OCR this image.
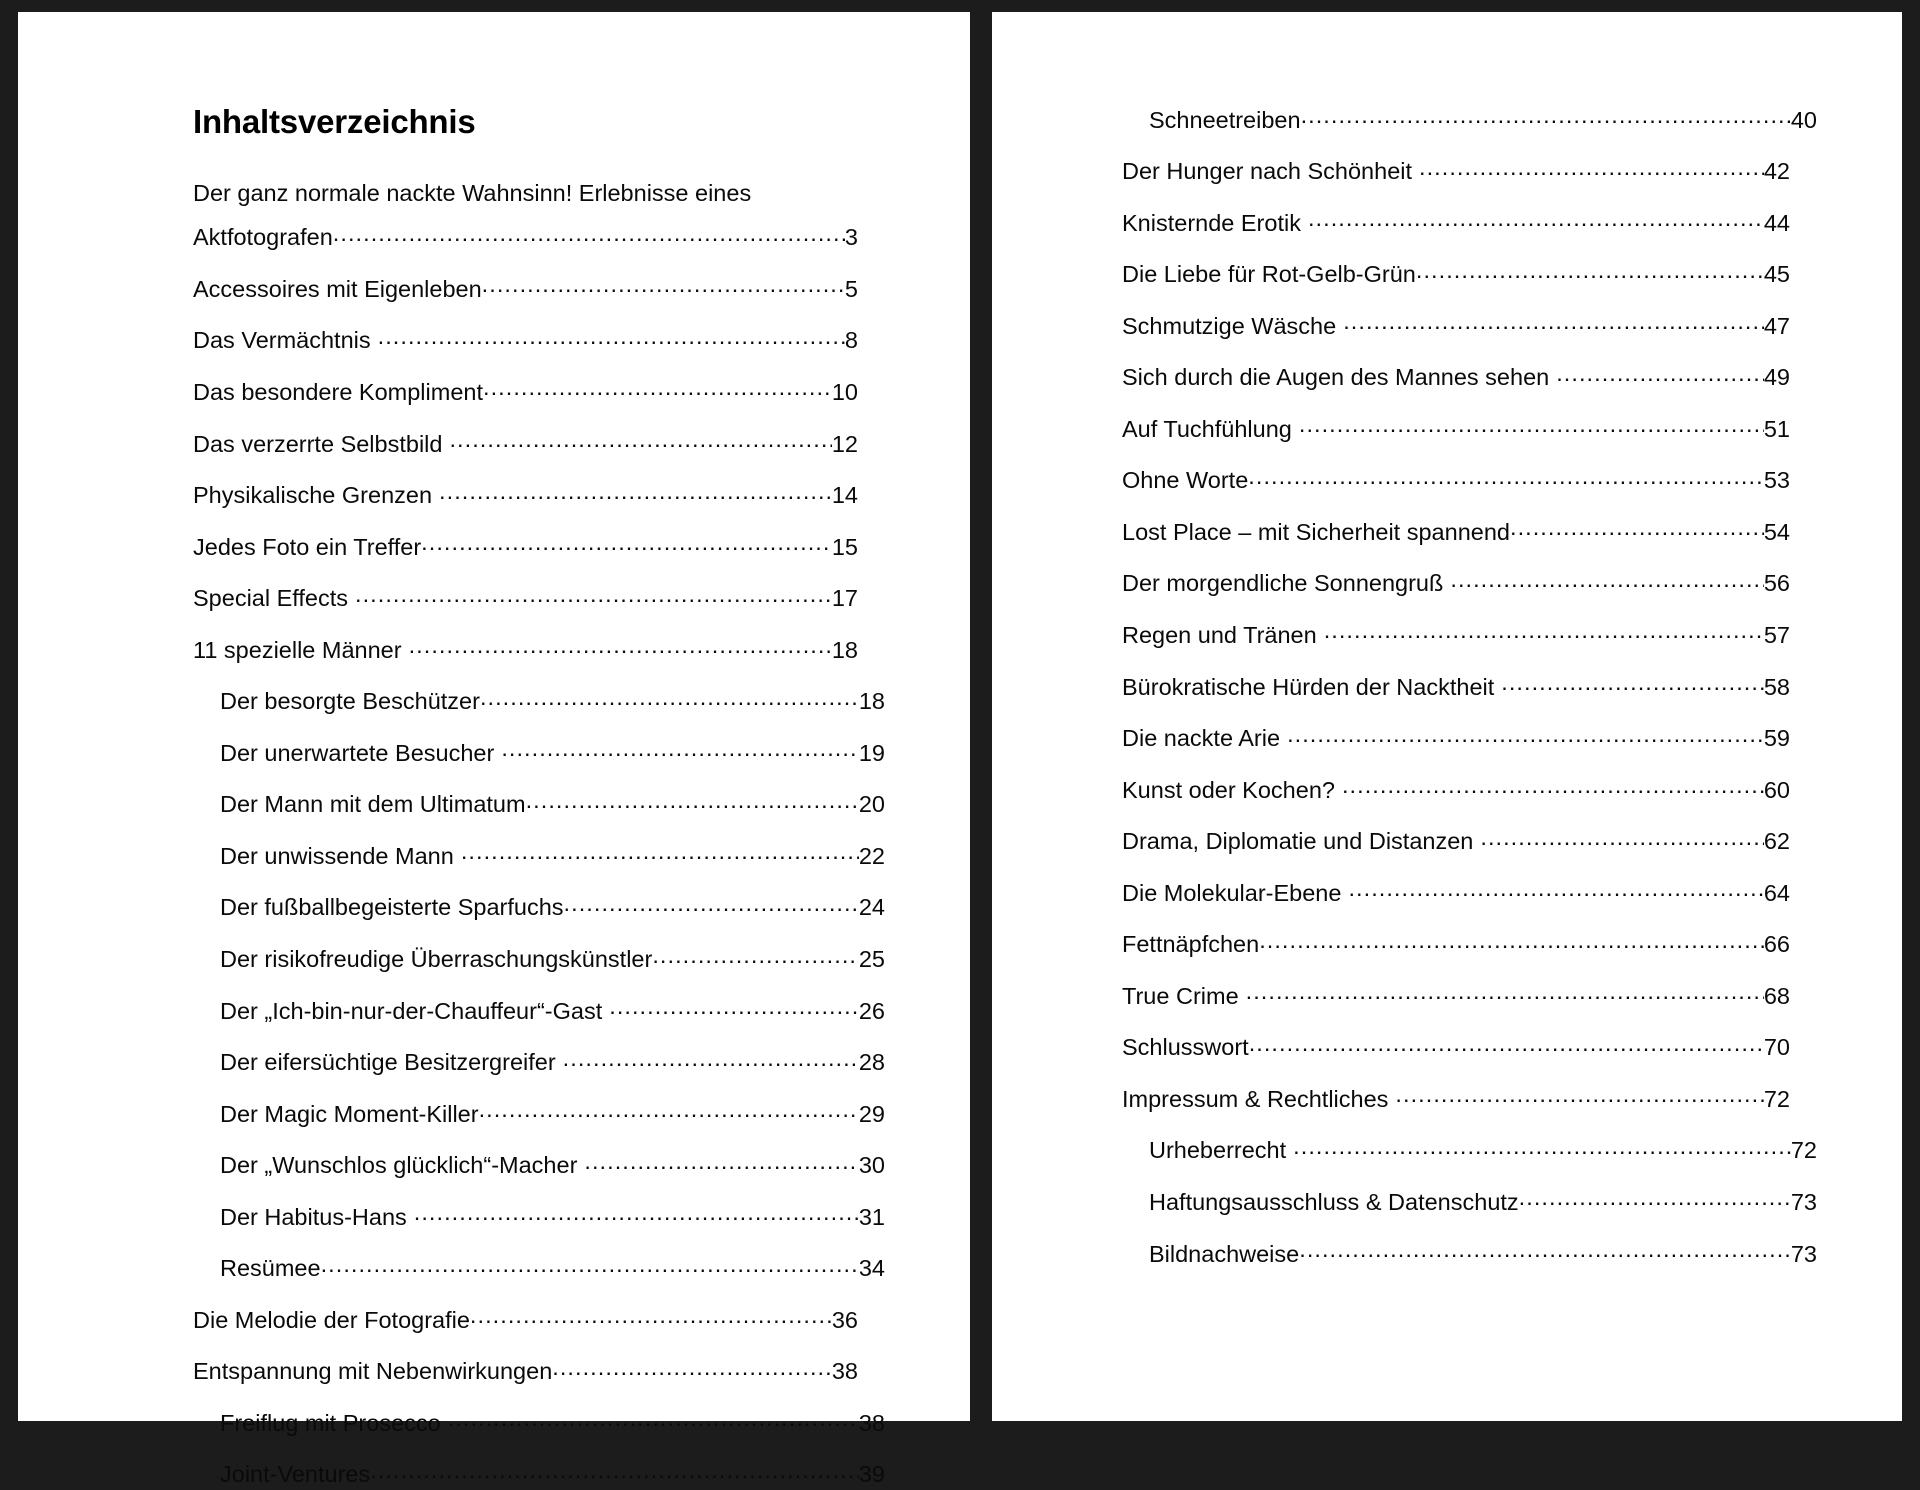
Inhaltsverzeichnis
Der ganz normale nackte Wahnsinn! Erlebnisse eines
Aktfotografen .....	3
Accessoires mit Eigenleben .....	5
Das Vermächtnis .....	8
Das besondere Kompliment .....	10
Das verzerrte Selbstbild .....	12
Physikalische Grenzen .....	14
Jedes Foto ein Treffer .....	15
Special Effects .....	17
11 spezielle Männer .....	18
Der besorgte Beschützer .....	18
Der unerwartete Besucher .....	19
Der Mann mit dem Ultimatum .....	20
Der unwissende Mann .....	22
Der fußballbegeisterte Sparfuchs .....	24
Der risikofreudige Überraschungskünstler .....	25
Der „Ich-bin-nur-der-Chauffeur“-Gast .....	26
Der eifersüchtige Besitzergreifer .....	28
Der Magic Moment-Killer .....	29
Der „Wunschlos glücklich“-Macher .....	30
Der Habitus-Hans .....	31
Resümee .....	34
Die Melodie der Fotografie .....	36
Entspannung mit Nebenwirkungen .....	38
Freiflug mit Prosecco .....	38
Joint-Ventures .....	39
Schneetreiben .....	40
Der Hunger nach Schönheit .....	42
Knisternde Erotik .....	44
Die Liebe für Rot-Gelb-Grün .....	45
Schmutzige Wäsche .....	47
Sich durch die Augen des Mannes sehen .....	49
Auf Tuchfühlung .....	51
Ohne Worte .....	53
Lost Place – mit Sicherheit spannend .....	54
Der morgendliche Sonnengruß .....	56
Regen und Tränen .....	57
Bürokratische Hürden der Nacktheit .....	58
Die nackte Arie .....	59
Kunst oder Kochen? .....	60
Drama, Diplomatie und Distanzen .....	62
Die Molekular-Ebene .....	64
Fettnäpfchen .....	66
True Crime .....	68
Schlusswort .....	70
Impressum & Rechtliches .....	72
Urheberrecht .....	72
Haftungsausschluss & Datenschutz .....	73
Bildnachweise .....	73
